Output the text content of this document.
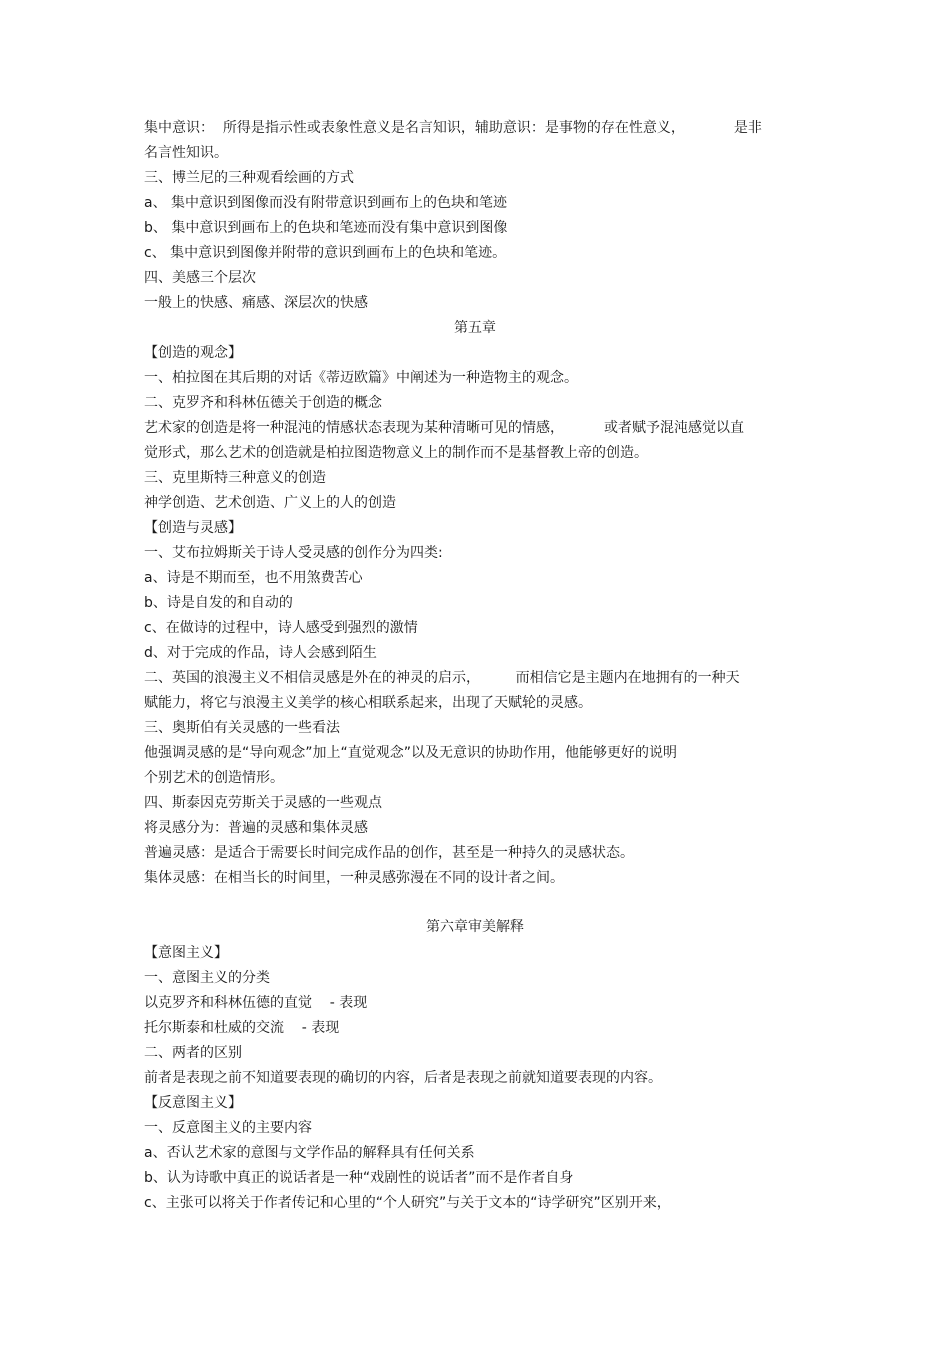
集中意识：  所得是指示性或表象性意义是名言知识，辅助意识：是事物的存在性意义，           是非
名言性知识。
三、博兰尼的三种观看绘画的方式
a、 集中意识到图像而没有附带意识到画布上的色块和笔迹
b、 集中意识到画布上的色块和笔迹而没有集中意识到图像
c、 集中意识到图像并附带的意识到画布上的色块和笔迹。
四、美感三个层次
一般上的快感、痛感、深层次的快感
第五章
【创造的观念】
一、柏拉图在其后期的对话《蒂迈欧篇》中阐述为一种造物主的观念。
二、克罗齐和科林伍德关于创造的概念
艺术家的创造是将一种混沌的情感状态表现为某种清晰可见的情感，         或者赋予混沌感觉以直
觉形式，那么艺术的创造就是柏拉图造物意义上的制作而不是基督教上帝的创造。
三、克里斯特三种意义的创造
神学创造、艺术创造、广义上的人的创造
【创造与灵感】
一、艾布拉姆斯关于诗人受灵感的创作分为四类:
a、诗是不期而至，也不用煞费苦心
b、诗是自发的和自动的
c、在做诗的过程中，诗人感受到强烈的激情
d、对于完成的作品，诗人会感到陌生
二、英国的浪漫主义不相信灵感是外在的神灵的启示，        而相信它是主题内在地拥有的一种天
赋能力，将它与浪漫主义美学的核心相联系起来，出现了天赋轮的灵感。
三、奥斯伯有关灵感的一些看法
他强调灵感的是“导向观念”加上“直觉观念”以及无意识的协助作用，他能够更好的说明
个别艺术的创造情形。
四、斯泰因克劳斯关于灵感的一些观点
将灵感分为：普遍的灵感和集体灵感
普遍灵感：是适合于需要长时间完成作品的创作，甚至是一种持久的灵感状态。
集体灵感：在相当长的时间里，一种灵感弥漫在不同的设计者之间。
第六章审美解释
【意图主义】
一、意图主义的分类
以克罗齐和科林伍德的直觉    - 表现
托尔斯泰和杜威的交流    - 表现
二、两者的区别
前者是表现之前不知道要表现的确切的内容，后者是表现之前就知道要表现的内容。
【反意图主义】
一、反意图主义的主要内容
a、否认艺术家的意图与文学作品的解释具有任何关系
b、认为诗歌中真正的说话者是一种“戏剧性的说话者”而不是作者自身
c、主张可以将关于作者传记和心里的“个人研究”与关于文本的“诗学研究”区别开来，
